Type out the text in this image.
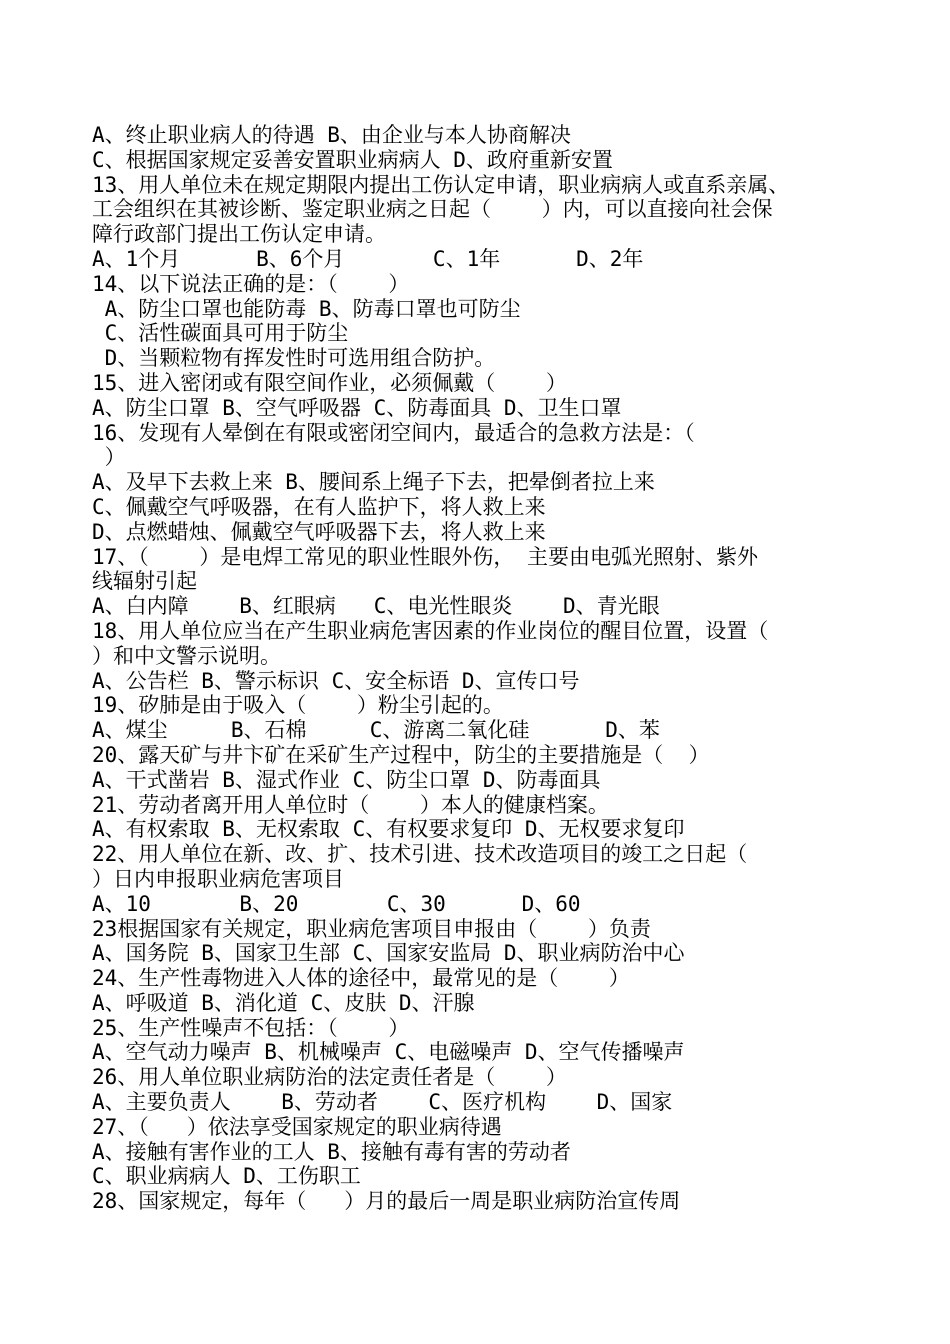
A、终止职业病人的待遇 B、由企业与本人协商解决
C、根据国家规定妥善安置职业病病人 D、政府重新安置
13、用人单位未在规定期限内提出工伤认定申请，职业病病人或直系亲属、
工会组织在其被诊断、鉴定职业病之日起（    ）内，可以直接向社会保
障行政部门提出工伤认定申请。
A、1个月      B、6个月       C、1年      D、2年
14、以下说法正确的是：（    ）
A、防尘口罩也能防毒 B、防毒口罩也可防尘
C、活性碳面具可用于防尘
D、当颗粒物有挥发性时可选用组合防护。
15、进入密闭或有限空间作业，必须佩戴（    ）
A、防尘口罩 B、空气呼吸器 C、防毒面具 D、卫生口罩
16、发现有人晕倒在有限或密闭空间内，最适合的急救方法是：（
）
A、及早下去救上来 B、腰间系上绳子下去，把晕倒者拉上来
C、佩戴空气呼吸器，在有人监护下，将人救上来
D、点燃蜡烛、佩戴空气呼吸器下去，将人救上来
17、（    ）是电焊工常见的职业性眼外伤， 主要由电弧光照射、紫外
线辐射引起
A、白内障    B、红眼病   C、电光性眼炎    D、青光眼
18、用人单位应当在产生职业病危害因素的作业岗位的醒目位置，设置（
）和中文警示说明。
A、公告栏 B、警示标识 C、安全标语 D、宣传口号
19、矽肺是由于吸入（    ）粉尘引起的。
A、煤尘     B、石棉     C、游离二氧化硅      D、苯
20、露天矿与井卞矿在采矿生产过程中，防尘的主要措施是（  ）
A、干式凿岩 B、湿式作业 C、防尘口罩 D、防毒面具
21、劳动者离开用人单位时（    ）本人的健康档案。
A、有权索取 B、无权索取 C、有权要求复印 D、无权要求复印
22、用人单位在新、改、扩、技术引进、技术改造项目的竣工之日起（
）日内申报职业病危害项目
A、10       B、20       C、30      D、60
23根据国家有关规定，职业病危害项目申报由（    ）负责
A、国务院 B、国家卫生部 C、国家安监局 D、职业病防治中心
24、生产性毒物进入人体的途径中，最常见的是（    ）
A、呼吸道 B、消化道 C、皮肤 D、汗腺
25、生产性噪声不包括：（    ）
A、空气动力噪声 B、机械噪声 C、电磁噪声 D、空气传播噪声
26、用人单位职业病防治的法定责任者是（    ）
A、主要负责人    B、劳动者    C、医疗机构    D、国家
27、（   ）依法享受国家规定的职业病待遇
A、接触有害作业的工人 B、接触有毒有害的劳动者
C、职业病病人 D、工伤职工
28、国家规定，每年（   ）月的最后一周是职业病防治宣传周
